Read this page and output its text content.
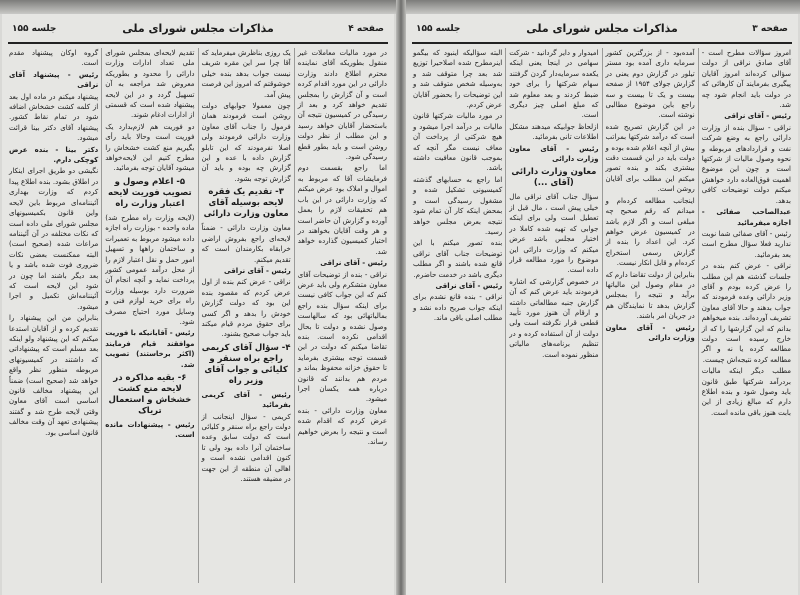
صفحه ۴
مذاکرات مجلس شورای ملی
جلسه ۱۵۵

در مورد مالیات معاملات غیر منقول بطوریکه آقای نماینده محترم اطلاع دادند وزارت دارائی در این مورد اقدام کرده است و آن گزارش را بمجلس تقدیم خواهد کرد و بعد از رسیدگی در کمیسیون نتیجه آن باستحضار آقایان خواهد رسید و این مطلب از نظر دولت روشن است و باید بطور قطع رسیدگی شود.

اما راجع بقسمت دوم فرمایشات آقا که مربوط به اموال و املاک بود عرض میکنم که وزارت دارائی در این باب هم تحقیقات لازم را بعمل آورده و گزارش آن حاضر است و هر وقت آقایان بخواهند در اختیار کمیسیون گذارده خواهد شد.

رئیس - آقای نراقی

نراقی - بنده از توضیحات آقای معاون متشکرم ولی باید عرض کنم که این جواب کافی نیست برای اینکه سؤال بنده راجع بمالیاتهائی بود که سالهاست وصول نشده و دولت تا بحال اقدامی نکرده است. بنده تقاضا میکنم که دولت در این قسمت توجه بیشتری بفرماید تا حقوق خزانه محفوظ بماند و مردم هم بدانند که قانون درباره همه یکسان اجرا میشود.

معاون وزارت دارائی - بنده عرض کردم که اقدام شده است و نتیجه را بعرض خواهیم رساند.

یک روزی بناظرش میفرماید که آقا چرا سر این مقره شریف نیست جواب بدهد بنده خیلی خوشوقتم که امروز این فرصت پیش آمد.

چون معمولا جوابهای دولت روشن است فرمودند همان فرمول را جناب آقای معاون وزارت دارائی فرمودند ولی اصلا نفرمودند که این تابلو گزارش داده با عده و این گزارش چه بوده و باید آن گزارش توجه بشود.

۳- تقدیم یک فقره لایحه بوسیله آقای معاون وزارت دارائی

معاون وزارت دارائی - ضمناً لایحه‌ای راجع بفروش اراضی خرابقاه بکارمندان است که تقدیم میکنم.

رئیس - آقای نراقی

نراقی - عرض کنم بنده از اول عرض کردم که مقصود بنده این بود که دولت گزارش خودش را بدهد و اگر کسی برای حقوق مردم قیام میکند باید جواب صحیح بشنود.

۴- سؤال آقای کریمی راجع براه سنقر و کلیائی و جواب آقای وزیر راه

رئیس - آقای کریمی بفرمائید

کریمی - سؤال اینجانب از دولت راجع براه سنقر و کلیائی است که دولت سابق وعده ساختمان آنرا داده بود ولی تا کنون اقدامی نشده است و اهالی آن منطقه از این جهت در مضیقه هستند.

تقدیم لایحه‌ای بمجلس شورای ملی تعداد ادارات وزارت دارائی را محدود و بطوریکه معروض شد مراجعه به آن تسهیل گردد و در این لایحه پیشنهاد شده است که قسمتی از ادارات ادغام شوند.

دو فوریت هم لازم‌بدارد یک فوریت است وحالا باید رأی بگیریم منع کشت خشخاش را مطرح کنیم این لایحه‌خواهد میشود آقایان توجه بفرمائید.

۵- اعلام وصول و تصویب فوریت لایحه اعتبار وزارت راه

(لایحه وزارت راه مطرح شد) ماده واحده - بوزارت راه اجازه داده میشود مربوط به تعمیرات و ساختمان راهها و تسهیل امور حمل و نقل اعتبار لازم را از محل درآمد عمومی کشور پرداخت نماید و آنچه انجام آن ضرورت دارد بوسیله وزارت راه برای خرید لوازم فنی و وسایل مورد احتیاج مصرف شود.

رئیس - آقایانیکه با فوریت موافقند قیام فرمایند (اکثر برخاستند) تصویب شد.

۶- بقیه مذاکره در لایحه منع کشت خشخاش و استعمال تریاک

رئیس - پیشنهادات مانده است.

گروه اوکان پیشنهاد مقدم است.

رئیس - پیشنهاد آقای نراقی

پیشنهاد میکنم در ماده اول بعد از کلمه کشت خشخاش اضافه شود در تمام نقاط کشور. پیشنهاد آقای دکتر بینا قرائت میشود.

دکتر بینا - بنده عرض کوچکی دارم.

نگیشی دو طریق اجرای اینکار در اطلاق بشود. بنده اطلاع پیدا کردم که وزارت بهداری آئیننامه‌ای مربوط باین لایحه واین قانون بکمیسیونهای مجلس شورای ملی داده است که نکات مختلفه در آن آئیننامه مراعات شده (صحیح است) البته ممکنست بعضی نکات ضروری فوت شده باشد و یا بعد دیگر باشند اما چون در شود این لایحه است که آئیننامه‌اش تکمیل و اجرا میشود.

بنابراین من این پیشنهاد را تقدیم کرده و از آقایان استدعا میکنم که این پیشنهاد ولو اینکه بعد مسلم است که پیشنهاداتی که داشتند در کمیسیونهای مربوطه منظور نظر واقع خواهد شد (صحیح است) ضمناً این پیشنهاد مخالف قانون اساسی است آقای معاون وقتی لایحه طرح شد و گفتند پیشنهادی تعهد آن وقت مخالف قانون اساسی بود.

صفحه ۳
مذاکرات مجلس شورای ملی
جلسه ۱۵۵

امروز سؤالات مطرح است - آقای صادق نراقی از دولت سؤالی کرده‌اند امروز آقایان پیگیری بفرمایند آن کارهائی که در دولت باید انجام شود چه شد.

رئیس - آقای نراقی

نراقی - سؤال بنده از وزارت دارائی راجع به وضع شرکت نفت و قراردادهای مربوطه و نحوه وصول مالیات از شرکتها است و چون این موضوع اهمیت فوق‌العاده دارد خواهش میکنم دولت توضیحات کافی بدهد.

عبدالصاحب صفائی - اجازه میفرمائید

رئیس - آقای صفائی شما نوبت ندارید فعلا سؤال مطرح است بعد بفرمائید.

نراقی - عرض کنم بنده در جلسات گذشته هم این مطلب را عرض کرده بودم و آقای وزیر دارائی وعده فرمودند که جواب بدهند و حالا آقای معاون تشریف آورده‌اند. بنده میخواهم بدانم که این گزارشها را که از خارج رسیده است دولت مطالعه کرده یا نه و اگر مطالعه کرده نتیجه‌اش چیست.

مطلب دیگر اینکه مالیات بردرآمد شرکتها طبق قانون باید وصول شود و بنده اطلاع دارم که مبالغ زیادی از این بابت هنوز باقی مانده است.

آمده‌بود - از بزرگترین کشور سرمایه داری آمده بود مستر تیلور در گزارش دوم یعنی در گزارش جولای ۱۹۵۴ از صفحه بیست و یک تا بیست و سه راجع باین موضوع مطالبی نوشته است.

در این گزارش تصریح شده است که درآمد شرکتها بمراتب بیش از آنچه اعلام شده بوده و دولت باید در این قسمت دقت بیشتری بکند و بنده تصور میکنم این مطلب برای آقایان روشن است.

اینجانب مطالعه کرده‌ام و میدانم که رقم صحیح چه مبلغی است و اگر لازم باشد در کمیسیون عرض خواهم کرد. این اعداد را بنده از گزارش رسمی استخراج کرده‌ام و قابل انکار نیست.

بنابراین از دولت تقاضا دارم که در مقام وصول این مالیاتها برآید و نتیجه را بمجلس گزارش بدهد تا نمایندگان هم در جریان امر باشند.

رئیس - آقای معاون وزارت دارائی

امیدوار و دایر گردانید - شرکت سهامی در اینجا یعنی اینکه یکعده سرمایه‌دار گردن گرفتند سهام شرکتها را برای خود ضبط کردند و بعد معلوم شد که مبلغ اصلی چیز دیگری است.

ازلحاظ جوابیکه میدهند مشکل اطلاعات تانی بفرمائید.

رئیس - آقای معاون وزارت دارائی

معاون وزارت دارائی (آقای ...)

سؤال جناب آقای نراقی مال خیلی پیش است ، مال قبل از تعطیل است ولی برای اینکه جوابی که تهیه شده کاملا در اختیار مجلس باشد عرض میکنم که وزارت دارائی این موضوع را مورد مطالعه قرار داده است.

در خصوص گزارشی که اشاره فرمودند باید عرض کنم که آن گزارش جنبه مطالعاتی داشته و ارقام آن هنوز مورد تأیید قطعی قرار نگرفته است ولی دولت از آن استفاده کرده و در تنظیم برنامه‌های مالیاتی منظور نموده است.

البته سؤالیکه اینبود که بیگمو اینرمطرح شده اصلاحیرا توزیع شد بعد چرا متوقف شد و به‌وسیله شخص متوقف شد و این توضیحات را بحضور آقایان عرض کردم.

در مورد مالیات شرکتها قانون مالیات بر درآمد اجرا میشود و هیچ شرکتی از پرداخت آن معاف نیست مگر آنچه که بموجب قانون معافیت داشته باشد.

اما راجع به حسابهای گذشته کمیسیونی تشکیل شده و مشغول رسیدگی است و بمحض اینکه کار آن تمام شود نتیجه بعرض مجلس خواهد رسید.

بنده تصور میکنم با این توضیحات جناب آقای نراقی قانع شده باشند و اگر مطلب دیگری باشد در خدمت حاضرم.

رئیس - آقای نراقی

نراقی - بنده قانع نشدم برای اینکه جواب صریح داده نشد و مطلب اصلی باقی ماند.
